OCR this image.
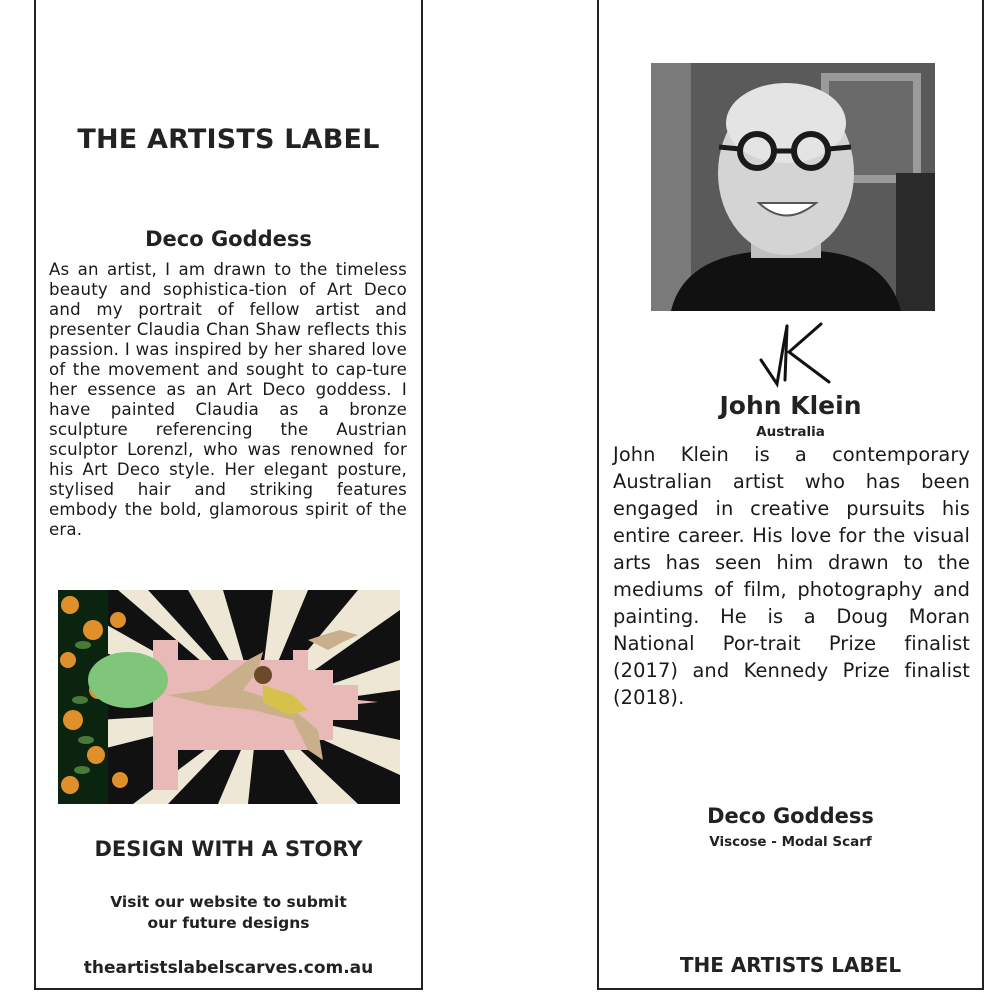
THE ARTISTS LABEL
Deco Goddess
As an artist, I am drawn to the timeless beauty and sophistica-tion of Art Deco and my portrait of fellow artist and presenter Claudia Chan Shaw reflects this passion. I was inspired by her shared love of the movement and sought to cap-ture her essence as an Art Deco goddess. I have painted Claudia as a bronze sculpture referencing the Austrian sculptor Lorenzl, who was renowned for his Art Deco style. Her elegant posture, stylised hair and striking features embody the bold, glamorous spirit of the era.
DESIGN WITH A STORY
Visit our website to submit
our future designs
theartistslabelscarves.com.au
John Klein
Australia
John Klein is a contemporary Australian artist who has been engaged in creative pursuits his entire career. His love for the visual arts has seen him drawn to the mediums of film, photography and painting. He is a Doug Moran National Por-trait Prize finalist (2017) and Kennedy Prize finalist (2018).
Deco Goddess
Viscose - Modal Scarf
THE ARTISTS LABEL
